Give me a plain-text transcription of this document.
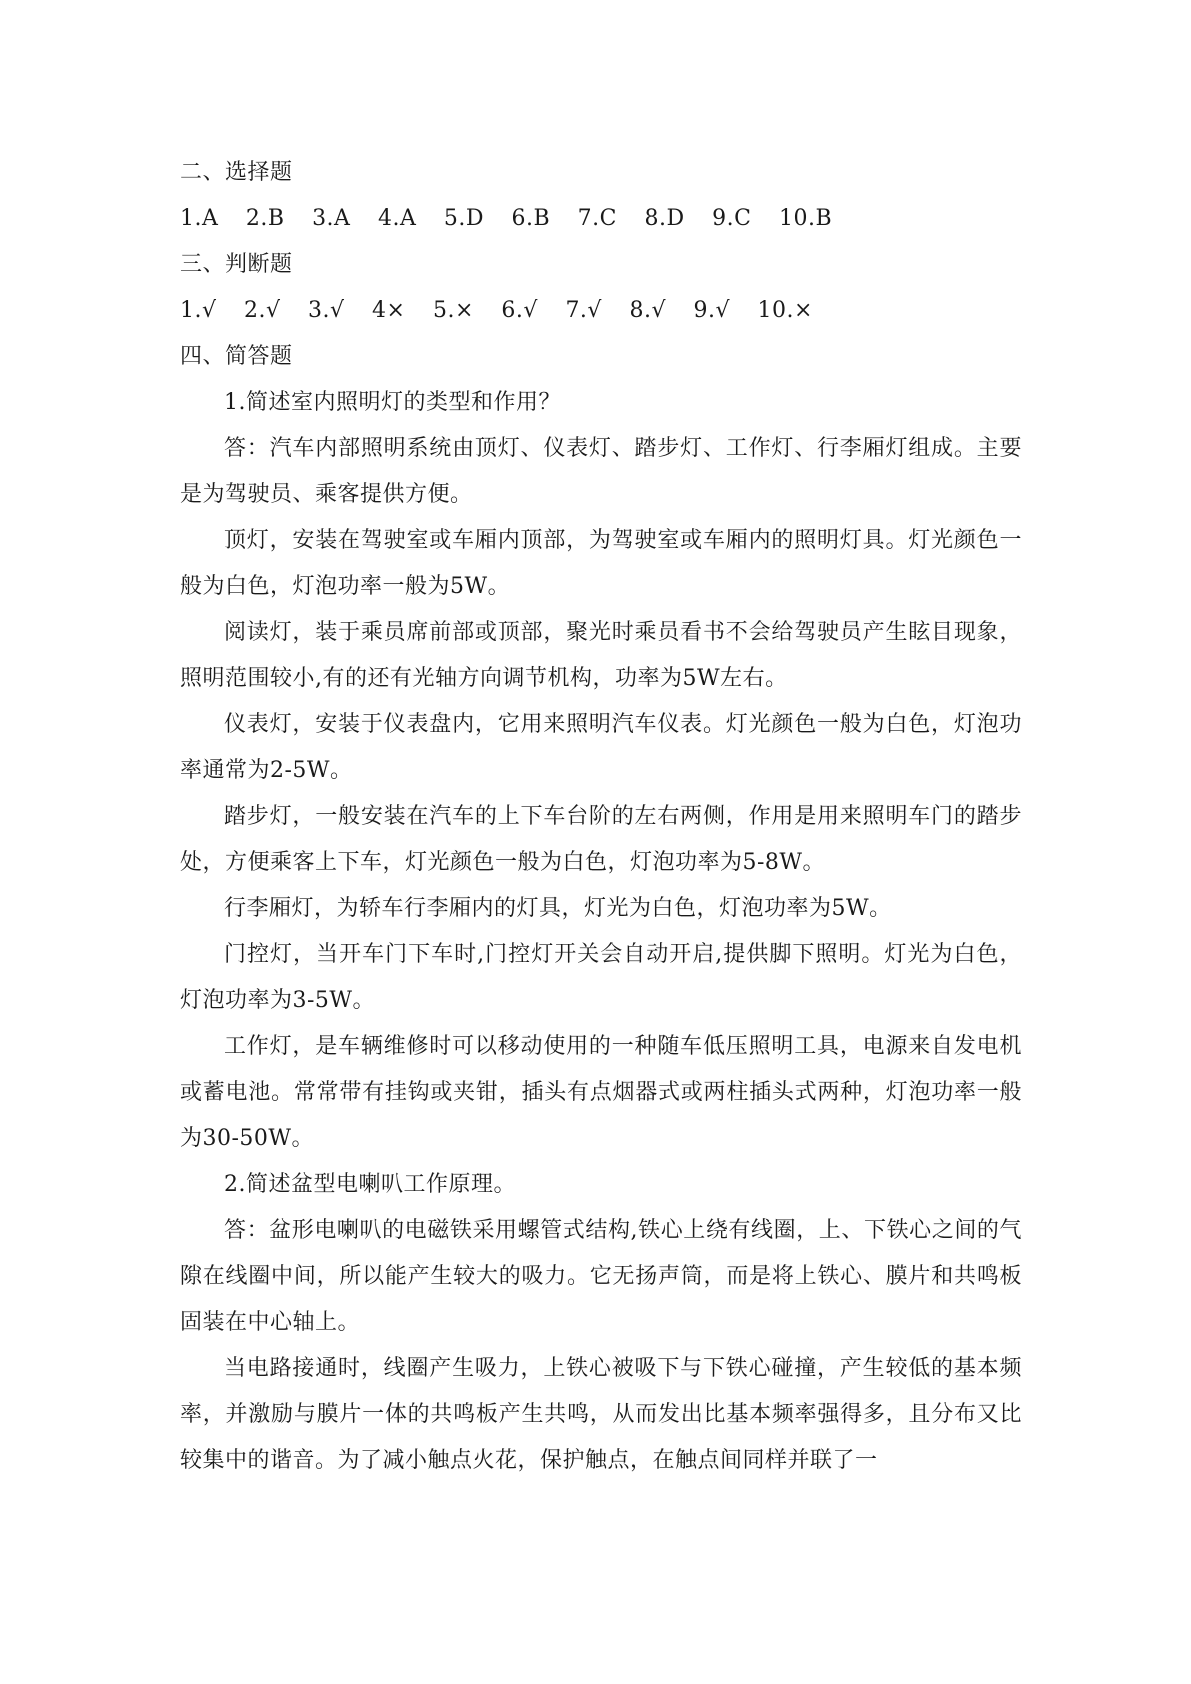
二、选择题
1.A 2.B 3.A 4.A 5.D 6.B 7.C 8.D 9.C 10.B
三、判断题
1.√ 2.√ 3.√ 4× 5.× 6.√ 7.√ 8.√ 9.√ 10.×
四、简答题

1.简述室内照明灯的类型和作用？

答：汽车内部照明系统由顶灯、仪表灯、踏步灯、工作灯、行李厢灯组成。主要是为驾驶员、乘客提供方便。

顶灯，安装在驾驶室或车厢内顶部，为驾驶室或车厢内的照明灯具。灯光颜色一般为白色，灯泡功率一般为5W。

阅读灯，装于乘员席前部或顶部，聚光时乘员看书不会给驾驶员产生眩目现象，照明范围较小,有的还有光轴方向调节机构，功率为5W左右。

仪表灯，安装于仪表盘内，它用来照明汽车仪表。灯光颜色一般为白色，灯泡功率通常为2-5W。

踏步灯，一般安装在汽车的上下车台阶的左右两侧，作用是用来照明车门的踏步处，方便乘客上下车，灯光颜色一般为白色，灯泡功率为5-8W。

行李厢灯，为轿车行李厢内的灯具，灯光为白色，灯泡功率为5W。

门控灯，当开车门下车时,门控灯开关会自动开启,提供脚下照明。灯光为白色，灯泡功率为3-5W。

工作灯，是车辆维修时可以移动使用的一种随车低压照明工具，电源来自发电机或蓄电池。常常带有挂钩或夹钳，插头有点烟器式或两柱插头式两种，灯泡功率一般为30-50W。

2.简述盆型电喇叭工作原理。

答：盆形电喇叭的电磁铁采用螺管式结构,铁心上绕有线圈，上、下铁心之间的气隙在线圈中间，所以能产生较大的吸力。它无扬声筒，而是将上铁心、膜片和共鸣板固装在中心轴上。

当电路接通时，线圈产生吸力，上铁心被吸下与下铁心碰撞，产生较低的基本频率，并激励与膜片一体的共鸣板产生共鸣，从而发出比基本频率强得多，且分布又比较集中的谐音。为了减小触点火花，保护触点，在触点间同样并联了一
